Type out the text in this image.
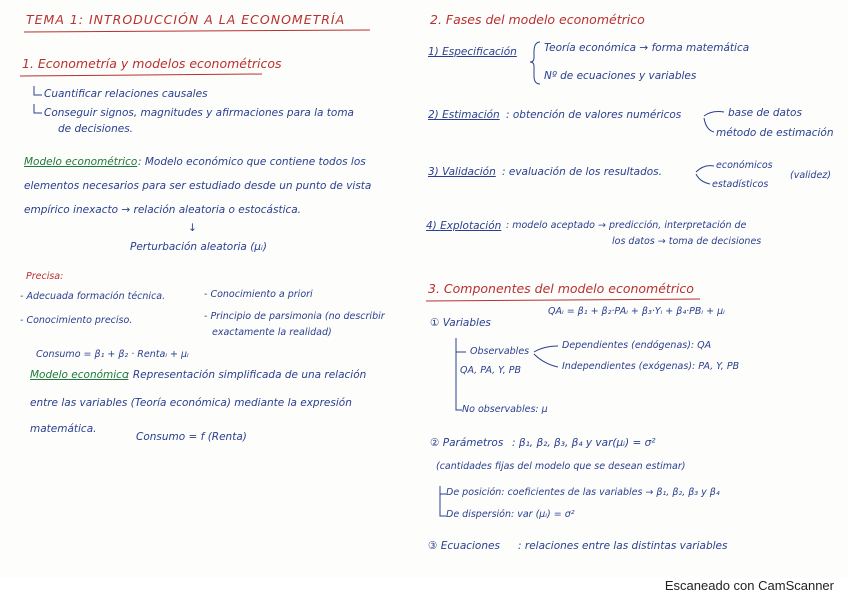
TEMA 1: INTRODUCCIÓN A LA ECONOMETRÍA
1. Econometría y modelos econométricos
Cuantificar relaciones causales
Conseguir signos, magnitudes y afirmaciones para la toma
de decisiones.
Modelo econométrico : Modelo económico que contiene todos los
elementos necesarios para ser estudiado desde un punto de vista
empírico inexacto → relación aleatoria o estocástica.
↓
Perturbación aleatoria (μᵢ)
Precisa:
- Adecuada formación técnica.	- Conocimiento a priori
- Conocimiento preciso.	- Principio de parsimonia (no describir
exactamente la realidad)
Consumo = β₁ + β₂ · Rentaᵢ + μᵢ
Modelo económico
: Representación simplificada de una relación
entre las variables (Teoría económica) mediante la expresión
matemática.
Consumo = f (Renta)
2. Fases del modelo econométrico
1) Especificación	Teoría económica → forma matemática
Nº de ecuaciones y variables
2) Estimación : obtención de valores numéricos	base de datos
método de estimación
3) Validación : evaluación de los resultados.
económicos
estadísticos
(validez)
4) Explotación : modelo aceptado → predicción, interpretación de
los datos → toma de decisiones
3. Componentes del modelo econométrico
QAᵢ = β₁ + β₂·PAᵢ + β₃·Yᵢ + β₄·PBᵢ + μᵢ
① Variables
Observables
QA, PA, Y, PB
Dependientes (endógenas): QA
Independientes (exógenas): PA, Y, PB
No observables: μ
② Parámetros : β₁, β₂, β₃, β₄ y var(μᵢ) = σ²
(cantidades fijas del modelo que se desean estimar)
De posición: coeficientes de las variables → β₁, β₂, β₃ y β₄
De dispersión: var (μᵢ) = σ²
③ Ecuaciones : relaciones entre las distintas variables
Escaneado con CamScanner
